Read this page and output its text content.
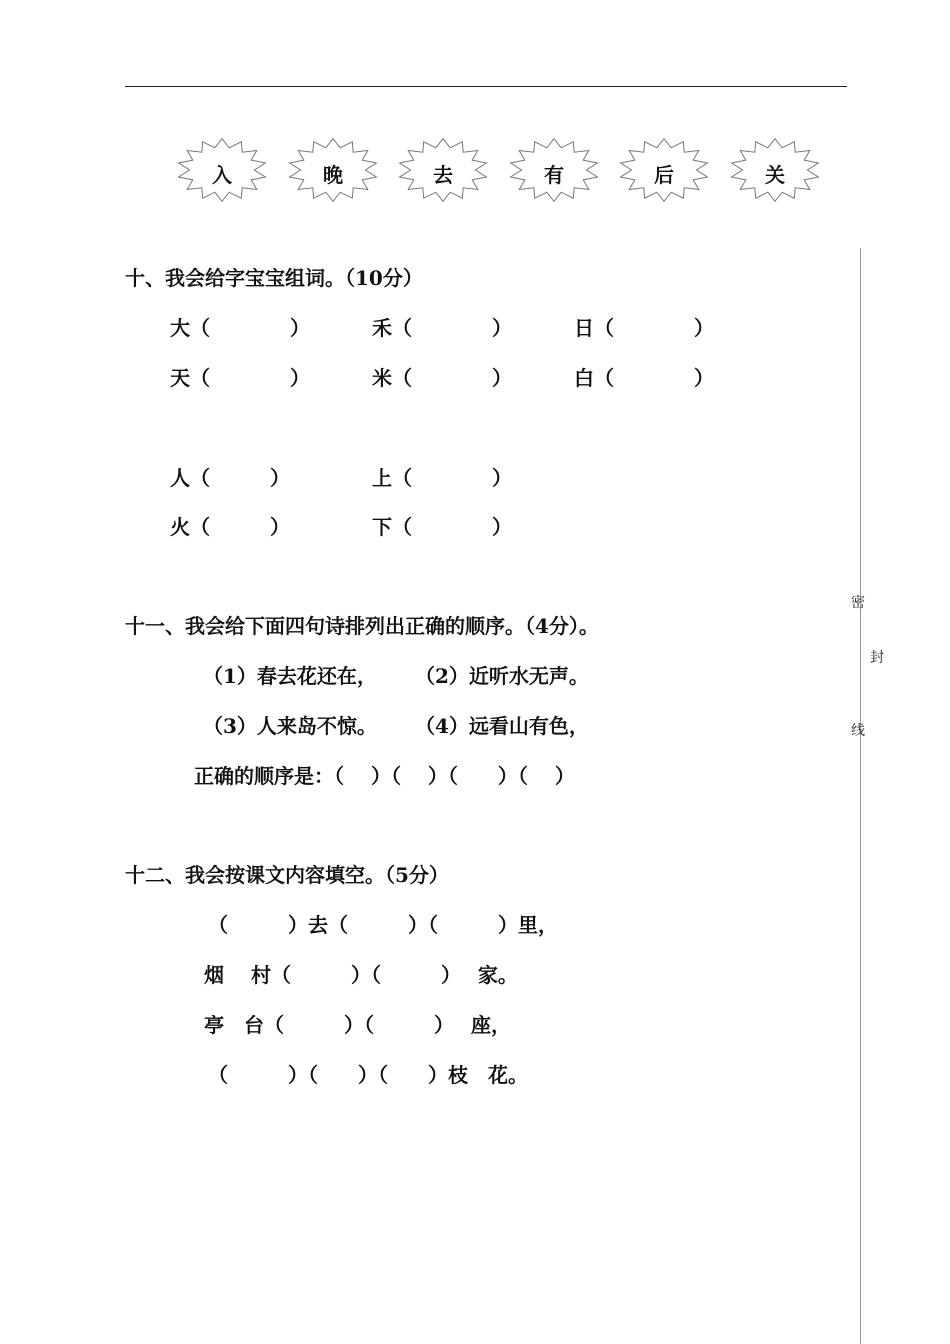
入	晚	去	有	后	关
十、我会给字宝宝组词。（10分）
大（　　　　）	禾（　　　　）	日（　　　　）
天（　　　　）	米（　　　　）	白（　　　　）
人（　　　）	上（　　　　）
火（　　　）	下（　　　　）
十一、我会给下面四句诗排列出正确的顺序。（4分）。
（1）春去花还在， （2）近听水无声。
（3）人来岛不惊。 （4）远看山有色，
正确的顺序是：（　 ）（　 ）（　　）（　 ）
十二、我会按课文内容填空。（5分）
（　　　）去（　　　）（　　　）里，
烟　 村（　　　）（　　　）　 家。
亭　台（　　　）（　　　）　 座，
（　　　）（　　）（　　）枝　花。
密
封
线
